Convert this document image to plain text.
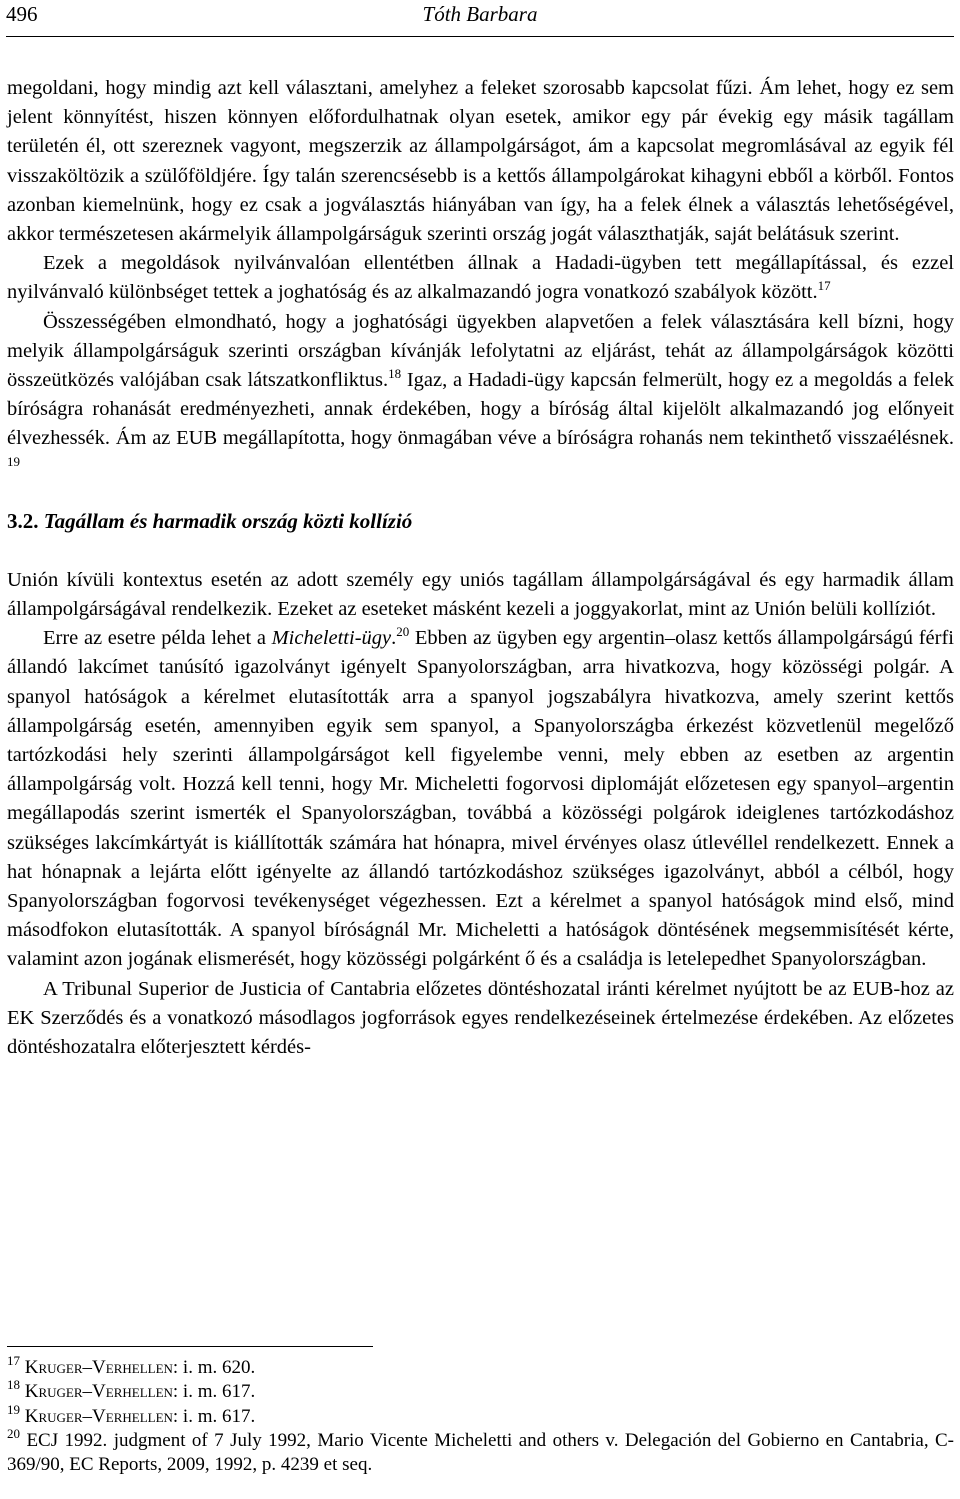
496	Tóth Barbara

megoldani, hogy mindig azt kell választani, amelyhez a feleket szorosabb kapcsolat fűzi. Ám lehet, hogy ez sem jelent könnyítést, hiszen könnyen előfordulhatnak olyan esetek, amikor egy pár évekig egy másik tagállam területén él, ott szereznek vagyont, megszerzik az állampolgárságot, ám a kapcsolat megromlásával az egyik fél visszaköltözik a szülőföldjére. Így talán szerencsésebb is a kettős állampolgárokat kihagyni ebből a körből. Fontos azonban kiemelnünk, hogy ez csak a jogválasztás hiányában van így, ha a felek élnek a választás lehetőségével, akkor természetesen akármelyik állampolgárságuk szerinti ország jogát választhatják, saját belátásuk szerint.

Ezek a megoldások nyilvánvalóan ellentétben állnak a Hadadi-ügyben tett megállapítással, és ezzel nyilvánvaló különbséget tettek a joghatóság és az alkalmazandó jogra vonatkozó szabályok között.$^{17}$

Összességében elmondható, hogy a joghatósági ügyekben alapvetően a felek választására kell bízni, hogy melyik állampolgárságuk szerinti országban kívánják lefolytatni az eljárást, tehát az állampolgárságok közötti összeütközés valójában csak látszatkonfliktus.$^{18}$ Igaz, a Hadadi-ügy kapcsán felmerült, hogy ez a megoldás a felek bíróságra rohanását eredményezheti, annak érdekében, hogy a bíróság által kijelölt alkalmazandó jog előnyeit élvezhessék. Ám az EUB megállapította, hogy önmagában véve a bíróságra rohanás nem tekinthető visszaélésnek. $^{19}$

3.2. Tagállam és harmadik ország közti kollízió

Unión kívüli kontextus esetén az adott személy egy uniós tagállam állampolgárságával és egy harmadik állam állampolgárságával rendelkezik. Ezeket az eseteket másként kezeli a joggyakorlat, mint az Unión belüli kollíziót.

Erre az esetre példa lehet a Micheletti-ügy.$^{20}$ Ebben az ügyben egy argentin–olasz kettős állampolgárságú férfi állandó lakcímet tanúsító igazolványt igényelt Spanyolországban, arra hivatkozva, hogy közösségi polgár. A spanyol hatóságok a kérelmet elutasították arra a spanyol jogszabályra hivatkozva, amely szerint kettős állampolgárság esetén, amennyiben egyik sem spanyol, a Spanyolországba érkezést közvetlenül megelőző tartózkodási hely szerinti állampolgárságot kell figyelembe venni, mely ebben az esetben az argentin állampolgárság volt. Hozzá kell tenni, hogy Mr. Micheletti fogorvosi diplomáját előzetesen egy spanyol–argentin megállapodás szerint ismerték el Spanyolországban, továbbá a közösségi polgárok ideiglenes tartózkodáshoz szükséges lakcímkártyát is kiállították számára hat hónapra, mivel érvényes olasz útlevéllel rendelkezett. Ennek a hat hónapnak a lejárta előtt igényelte az állandó tartózkodáshoz szükséges igazolványt, abból a célból, hogy Spanyolországban fogorvosi tevékenységet végezhessen. Ezt a kérelmet a spanyol hatóságok mind első, mind másodfokon elutasították. A spanyol bíróságnál Mr. Micheletti a hatóságok döntésének megsemmisítését kérte, valamint azon jogának elismerését, hogy közösségi polgárként ő és a családja is letelepedhet Spanyolországban.

A Tribunal Superior de Justicia of Cantabria előzetes döntéshozatal iránti kérelmet nyújtott be az EUB-hoz az EK Szerződés és a vonatkozó másodlagos jogforrások egyes rendelkezéseinek értelmezése érdekében. Az előzetes döntéshozatalra előterjesztett kérdés-

$^{17}$ Kruger–Verhellen: i. m. 620.

$^{18}$ Kruger–Verhellen: i. m. 617.

$^{19}$ Kruger–Verhellen: i. m. 617.

$^{20}$ ECJ 1992. judgment of 7 July 1992, Mario Vicente Micheletti and others v. Delegación del Gobierno en Cantabria, C-369/90, EC Reports, 2009, 1992, p. 4239 et seq.
